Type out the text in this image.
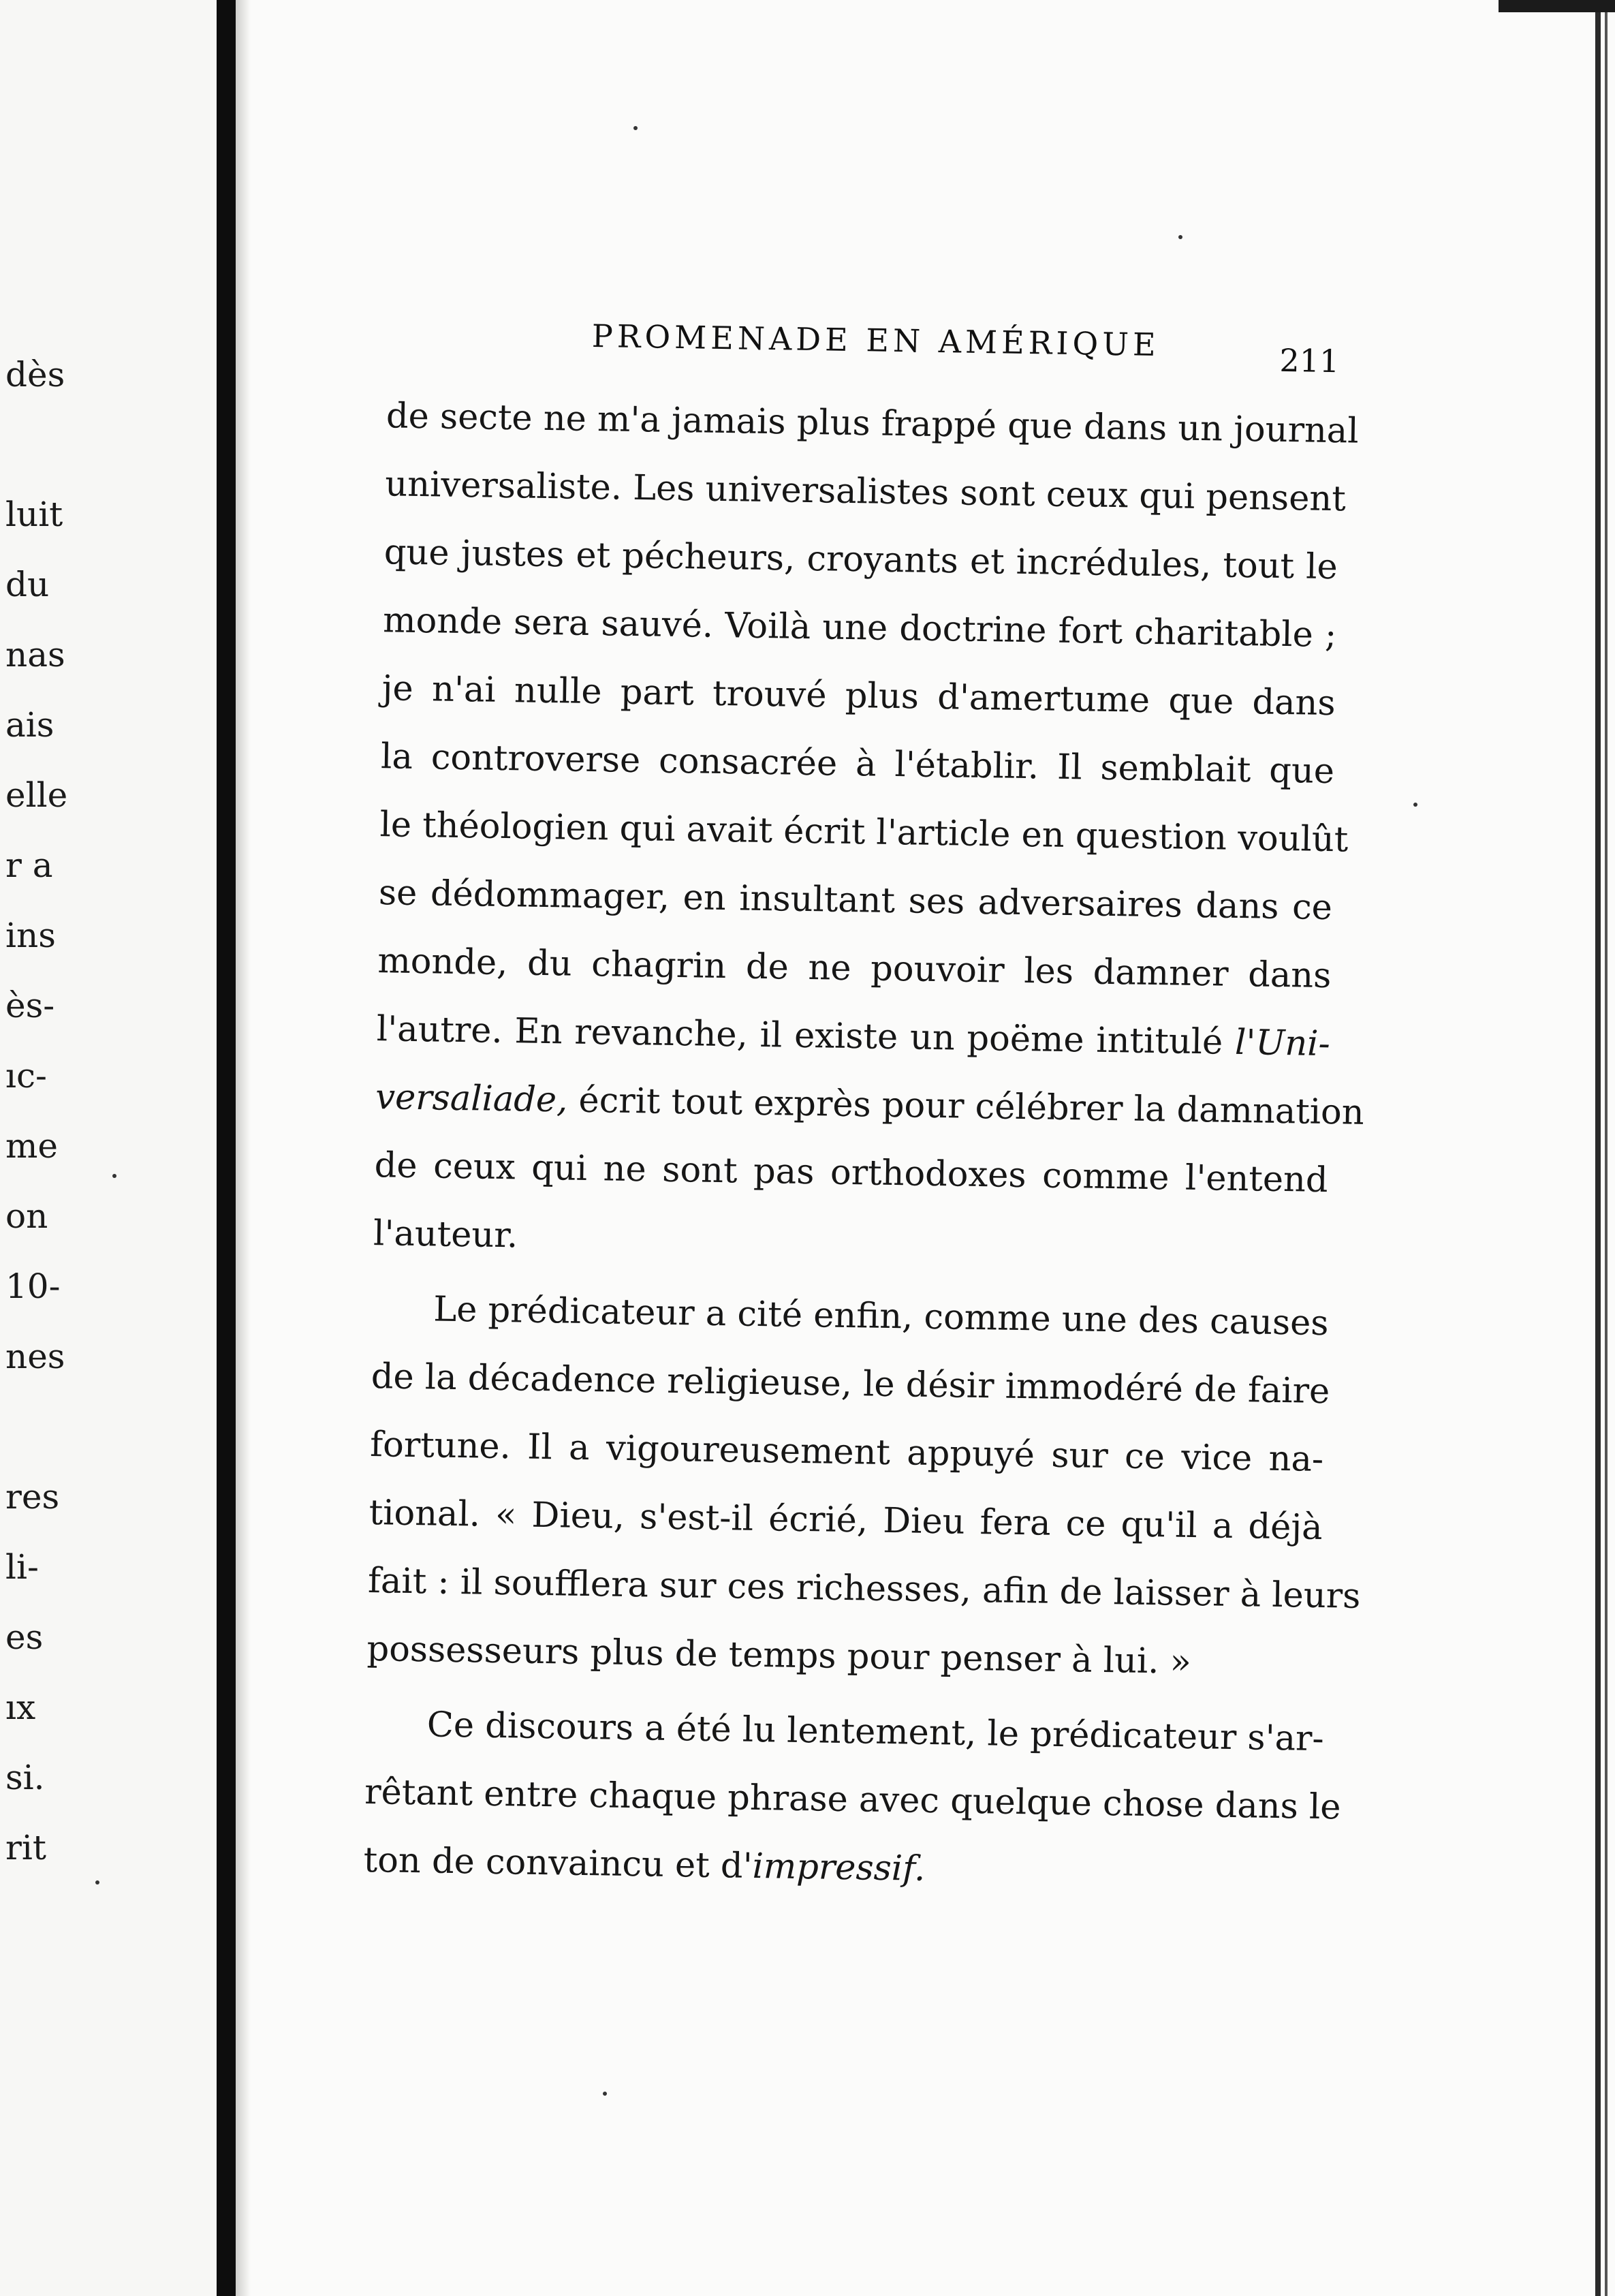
dès
luit
du
nas
ais
elle
r a
ins
ès-
ıc-
me
on
10-
nes
res
li-
es
ıx
si.
rit
PROMENADE EN AMÉRIQUE	211
de secte ne m'a jamais plus frappé que dans un journal
universaliste. Les universalistes sont ceux qui pensent
que justes et pécheurs, croyants et incrédules, tout le
monde sera sauvé. Voilà une doctrine fort charitable ;
je n'ai nulle part trouvé plus d'amertume que dans
la controverse consacrée à l'établir. Il semblait que
le théologien qui avait écrit l'article en question voulût
se dédommager, en insultant ses adversaires dans ce
monde, du chagrin de ne pouvoir les damner dans
l'autre. En revanche, il existe un poëme intitulé l'Uni-
versaliade, écrit tout exprès pour célébrer la damnation
de ceux qui ne sont pas orthodoxes comme l'entend
l'auteur.
Le prédicateur a cité enfin, comme une des causes
de la décadence religieuse, le désir immodéré de faire
fortune. Il a vigoureusement appuyé sur ce vice na-
tional. « Dieu, s'est-il écrié, Dieu fera ce qu'il a déjà
fait : il soufflera sur ces richesses, afin de laisser à leurs
possesseurs plus de temps pour penser à lui. »
Ce discours a été lu lentement, le prédicateur s'ar-
rêtant entre chaque phrase avec quelque chose dans le
ton de convaincu et d'impressif.
